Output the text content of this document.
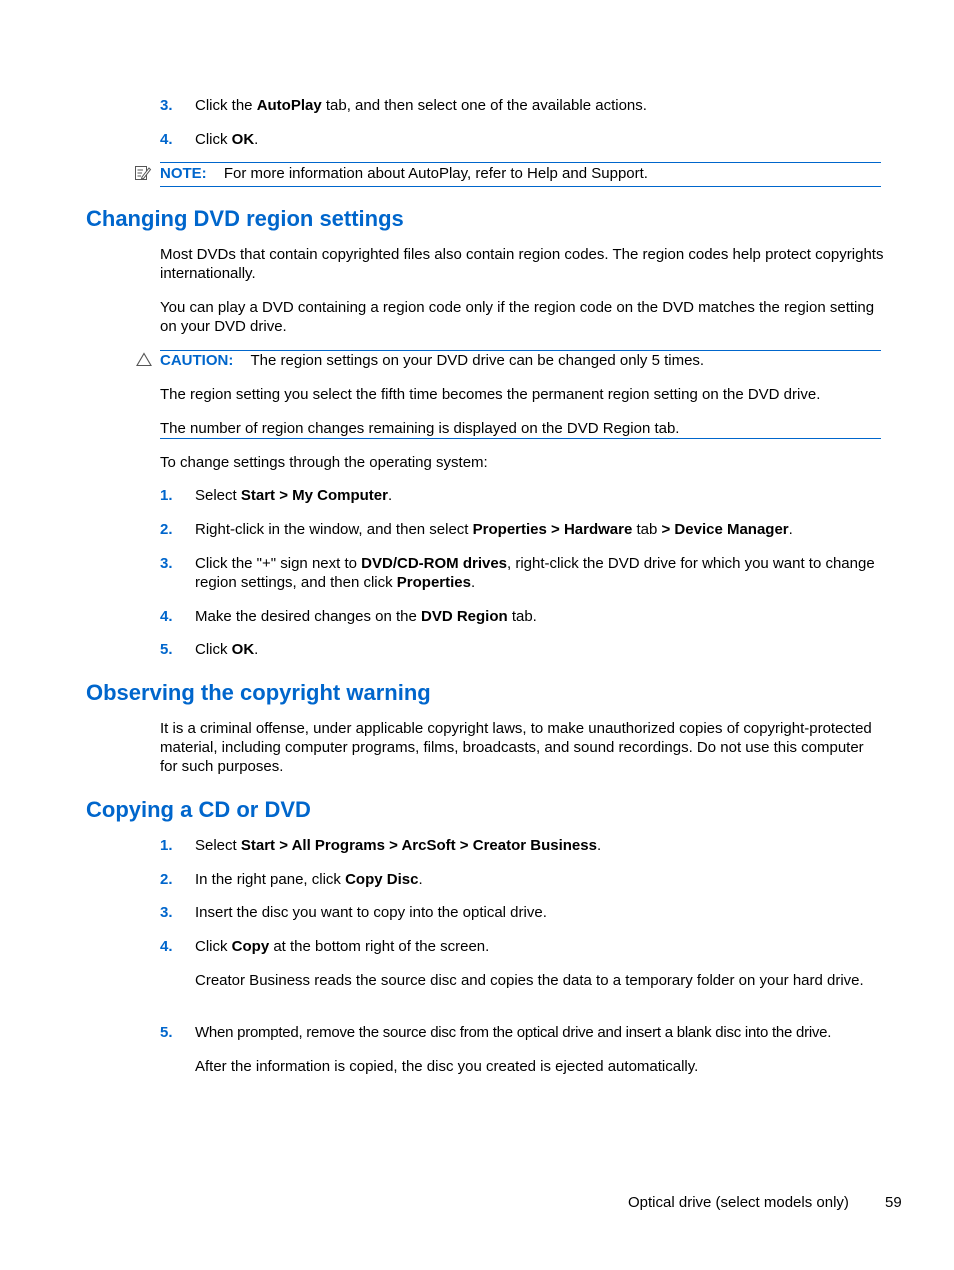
3. Click the AutoPlay tab, and then select one of the available actions.
4. Click OK.
NOTE: For more information about AutoPlay, refer to Help and Support.
Changing DVD region settings
Most DVDs that contain copyrighted files also contain region codes. The region codes help protect copyrights internationally.
You can play a DVD containing a region code only if the region code on the DVD matches the region setting on your DVD drive.
CAUTION: The region settings on your DVD drive can be changed only 5 times.
The region setting you select the fifth time becomes the permanent region setting on the DVD drive.
The number of region changes remaining is displayed on the DVD Region tab.
To change settings through the operating system:
1. Select Start > My Computer.
2. Right-click in the window, and then select Properties > Hardware tab > Device Manager.
3. Click the "+" sign next to DVD/CD-ROM drives, right-click the DVD drive for which you want to change region settings, and then click Properties.
4. Make the desired changes on the DVD Region tab.
5. Click OK.
Observing the copyright warning
It is a criminal offense, under applicable copyright laws, to make unauthorized copies of copyright-protected material, including computer programs, films, broadcasts, and sound recordings. Do not use this computer for such purposes.
Copying a CD or DVD
1. Select Start > All Programs > ArcSoft > Creator Business.
2. In the right pane, click Copy Disc.
3. Insert the disc you want to copy into the optical drive.
4. Click Copy at the bottom right of the screen.
Creator Business reads the source disc and copies the data to a temporary folder on your hard drive.
5. When prompted, remove the source disc from the optical drive and insert a blank disc into the drive.
After the information is copied, the disc you created is ejected automatically.
Optical drive (select models only) 59
